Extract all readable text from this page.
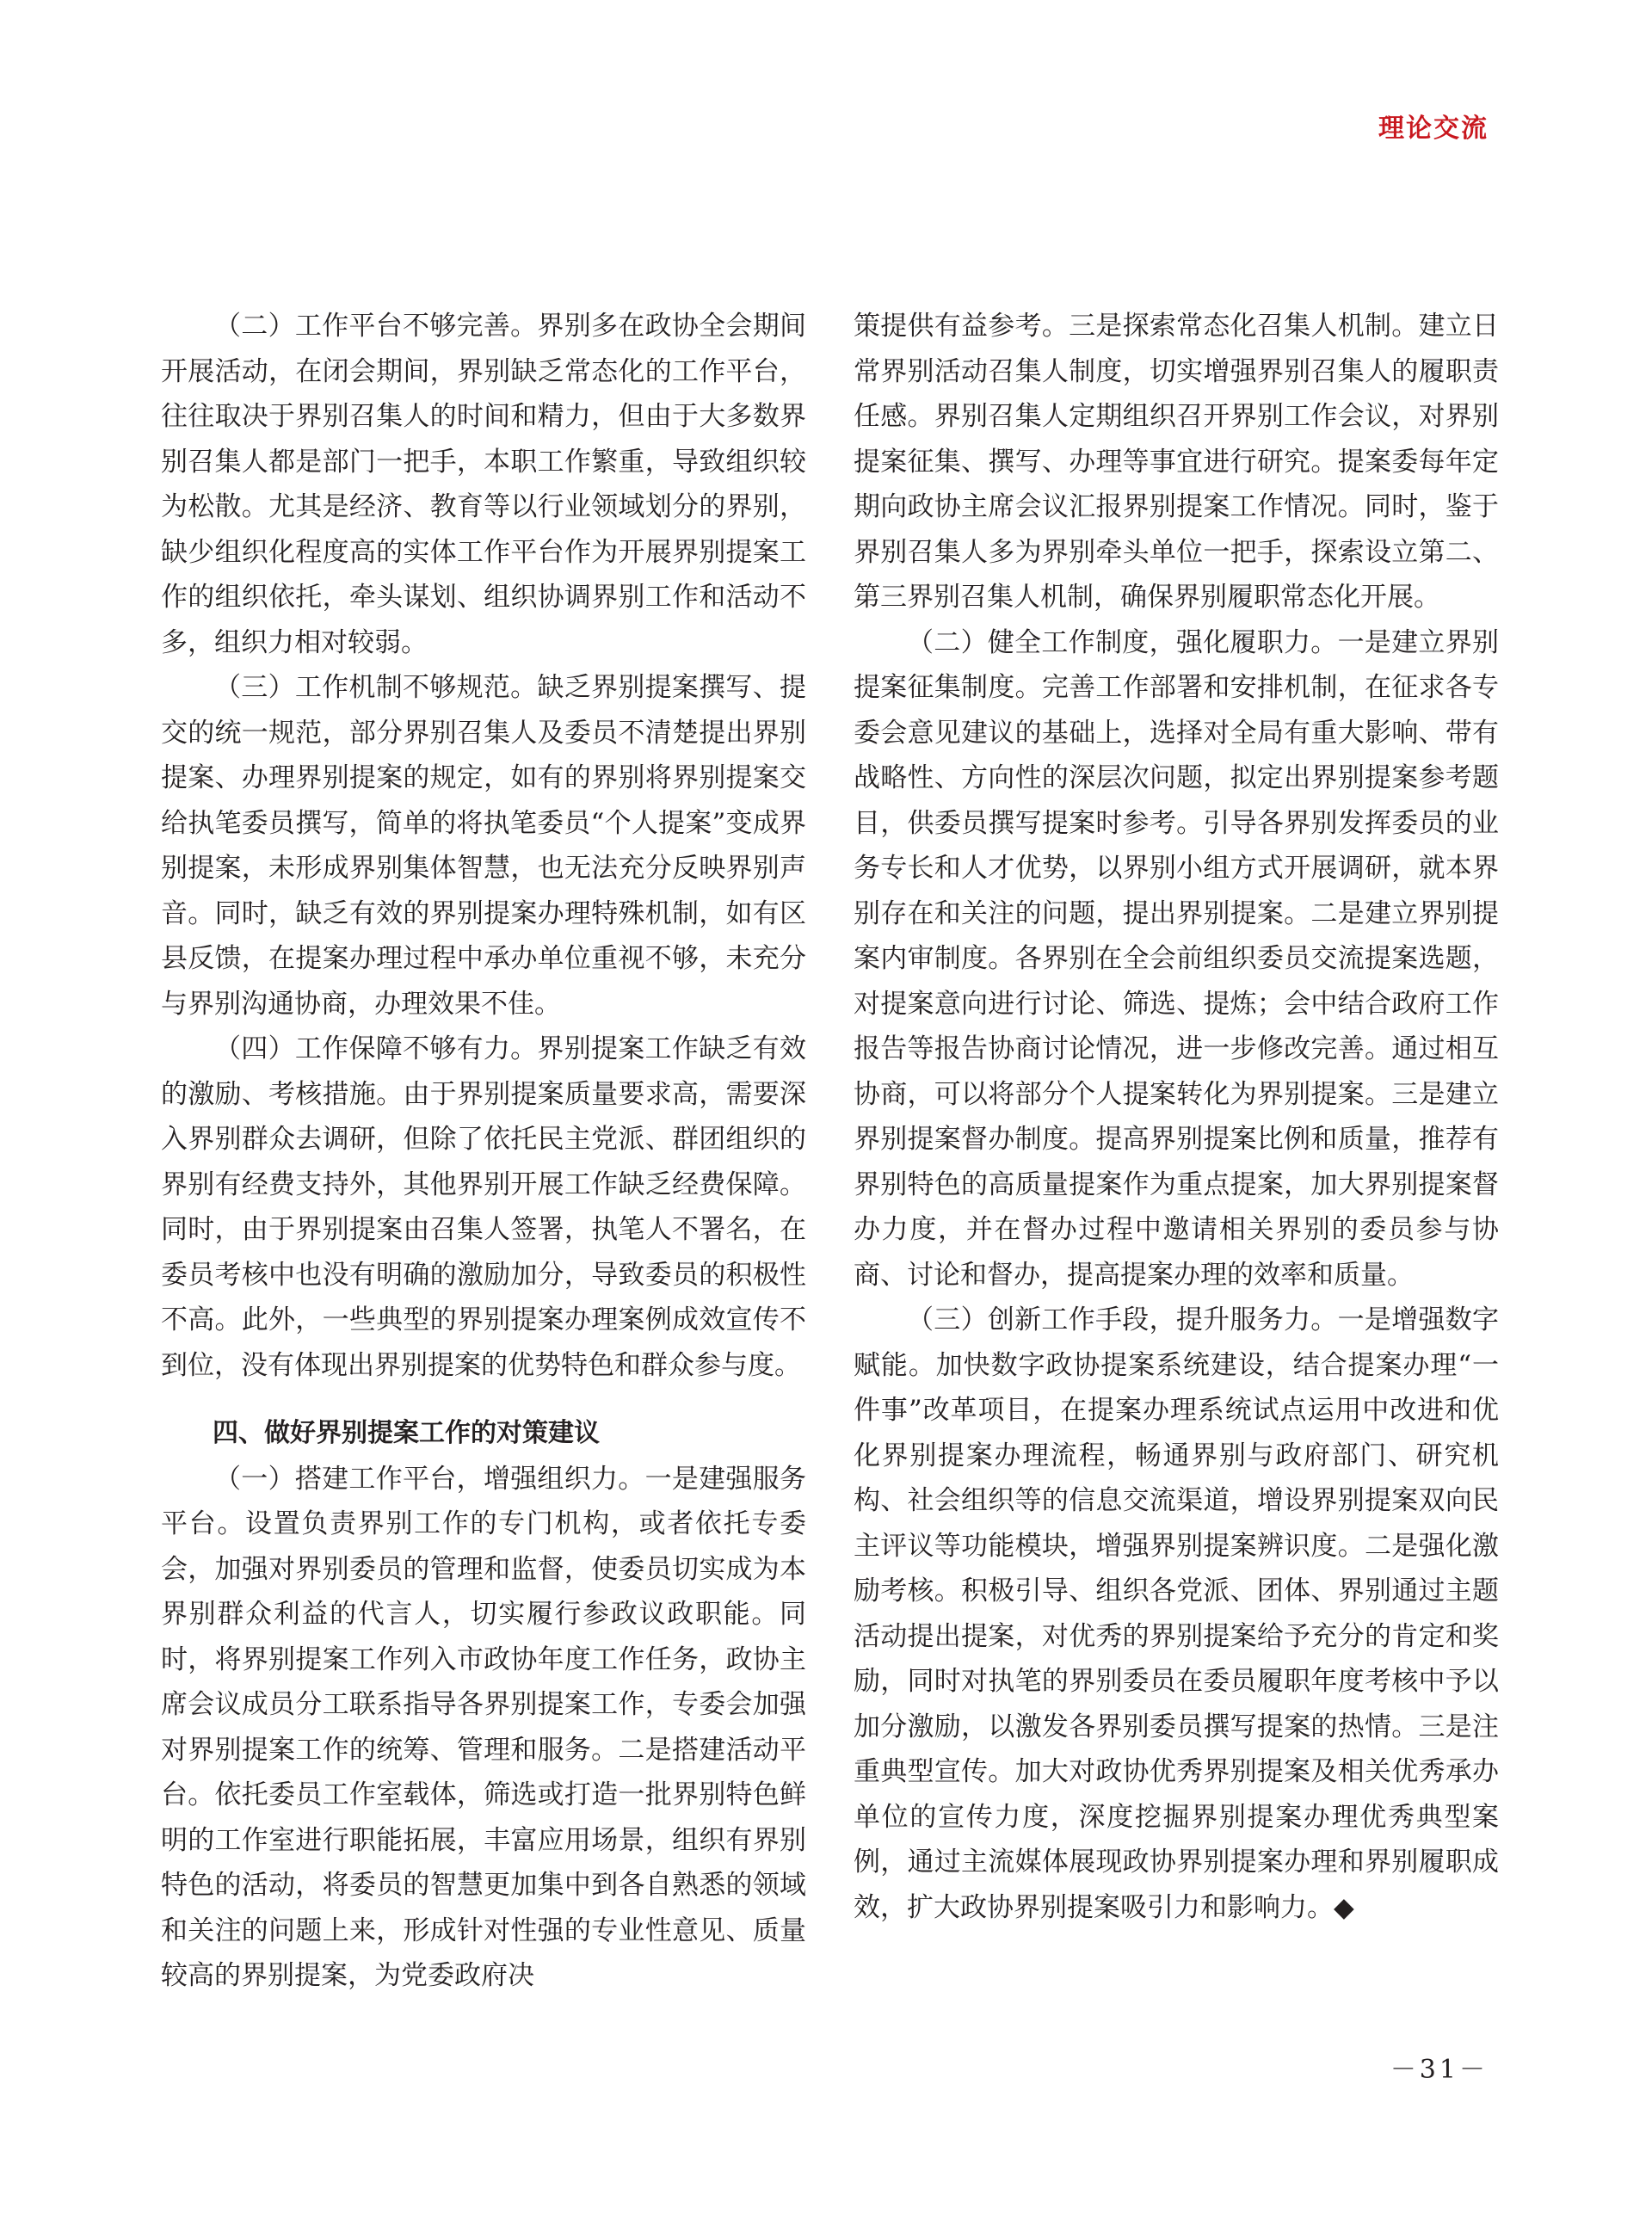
理论交流

（二）工作平台不够完善。界别多在政协全会期间开展活动，在闭会期间，界别缺乏常态化的工作平台，往往取决于界别召集人的时间和精力，但由于大多数界别召集人都是部门一把手，本职工作繁重，导致组织较为松散。尤其是经济、教育等以行业领域划分的界别，缺少组织化程度高的实体工作平台作为开展界别提案工作的组织依托，牵头谋划、组织协调界别工作和活动不多，组织力相对较弱。

（三）工作机制不够规范。缺乏界别提案撰写、提交的统一规范，部分界别召集人及委员不清楚提出界别提案、办理界别提案的规定，如有的界别将界别提案交给执笔委员撰写，简单的将执笔委员“个人提案”变成界别提案，未形成界别集体智慧，也无法充分反映界别声音。同时，缺乏有效的界别提案办理特殊机制，如有区县反馈，在提案办理过程中承办单位重视不够，未充分与界别沟通协商，办理效果不佳。

（四）工作保障不够有力。界别提案工作缺乏有效的激励、考核措施。由于界别提案质量要求高，需要深入界别群众去调研，但除了依托民主党派、群团组织的界别有经费支持外，其他界别开展工作缺乏经费保障。同时，由于界别提案由召集人签署，执笔人不署名，在委员考核中也没有明确的激励加分，导致委员的积极性不高。此外，一些典型的界别提案办理案例成效宣传不到位，没有体现出界别提案的优势特色和群众参与度。

四、做好界别提案工作的对策建议

（一）搭建工作平台，增强组织力。一是建强服务平台。设置负责界别工作的专门机构，或者依托专委会，加强对界别委员的管理和监督，使委员切实成为本界别群众利益的代言人，切实履行参政议政职能。同时，将界别提案工作列入市政协年度工作任务，政协主席会议成员分工联系指导各界别提案工作，专委会加强对界别提案工作的统筹、管理和服务。二是搭建活动平台。依托委员工作室载体，筛选或打造一批界别特色鲜明的工作室进行职能拓展，丰富应用场景，组织有界别特色的活动，将委员的智慧更加集中到各自熟悉的领域和关注的问题上来，形成针对性强的专业性意见、质量较高的界别提案，为党委政府决

策提供有益参考。三是探索常态化召集人机制。建立日常界别活动召集人制度，切实增强界别召集人的履职责任感。界别召集人定期组织召开界别工作会议，对界别提案征集、撰写、办理等事宜进行研究。提案委每年定期向政协主席会议汇报界别提案工作情况。同时，鉴于界别召集人多为界别牵头单位一把手，探索设立第二、第三界别召集人机制，确保界别履职常态化开展。

（二）健全工作制度，强化履职力。一是建立界别提案征集制度。完善工作部署和安排机制，在征求各专委会意见建议的基础上，选择对全局有重大影响、带有战略性、方向性的深层次问题，拟定出界别提案参考题目，供委员撰写提案时参考。引导各界别发挥委员的业务专长和人才优势，以界别小组方式开展调研，就本界别存在和关注的问题，提出界别提案。二是建立界别提案内审制度。各界别在全会前组织委员交流提案选题，对提案意向进行讨论、筛选、提炼；会中结合政府工作报告等报告协商讨论情况，进一步修改完善。通过相互协商，可以将部分个人提案转化为界别提案。三是建立界别提案督办制度。提高界别提案比例和质量，推荐有界别特色的高质量提案作为重点提案，加大界别提案督办力度，并在督办过程中邀请相关界别的委员参与协商、讨论和督办，提高提案办理的效率和质量。

（三）创新工作手段，提升服务力。一是增强数字赋能。加快数字政协提案系统建设，结合提案办理“一件事”改革项目，在提案办理系统试点运用中改进和优化界别提案办理流程，畅通界别与政府部门、研究机构、社会组织等的信息交流渠道，增设界别提案双向民主评议等功能模块，增强界别提案辨识度。二是强化激励考核。积极引导、组织各党派、团体、界别通过主题活动提出提案，对优秀的界别提案给予充分的肯定和奖励，同时对执笔的界别委员在委员履职年度考核中予以加分激励，以激发各界别委员撰写提案的热情。三是注重典型宣传。加大对政协优秀界别提案及相关优秀承办单位的宣传力度，深度挖掘界别提案办理优秀典型案例，通过主流媒体展现政协界别提案办理和界别履职成效，扩大政协界别提案吸引力和影响力。◆

－31－
